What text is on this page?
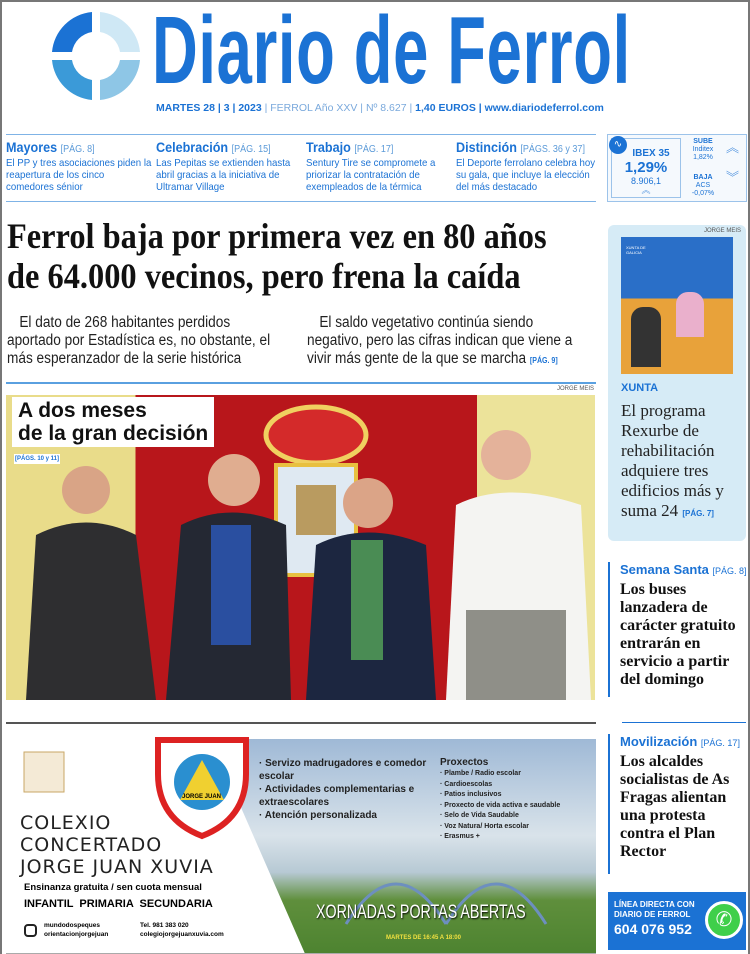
Diario de Ferrol
MARTES 28 | 3 | 2023 | FERROL Año XXV | Nº 8.627 | 1,40 EUROS | www.diariodeferrol.com
Mayores [PÁG. 8]
El PP y tres asociaciones piden la reapertura de los cinco comedores sénior
Celebración [PÁG. 15]
Las Pepitas se extienden hasta abril gracias a la iniciativa de Ultramar Village
Trabajo [PÁG. 17]
Sentury Tire se compromete a priorizar la contratación de exempleados de la térmica
Distinción [PÁGS. 36 y 37]
El Deporte ferrolano celebra hoy su gala, que incluye la elección del más destacado
∿
IBEX 35
1,29%
8.906,1
︽
SUBE
Inditex
1,82%
BAJA
ACS
-0,07%
︽
︾
Ferrol baja por primera vez en 80 años
de 64.000 vecinos, pero frena la caída
El dato de 268 habitantes perdidos aportado por Estadística es, no obstante, el más esperanzador de la serie histórica
El saldo vegetativo continúa siendo negativo, pero las cifras indican que viene a vivir más gente de la que se marcha [PÁG. 9]
JORGE MEIS
A dos meses
de la gran decisión
[PÁGS. 10 y 11]
JORGE JUAN
COLEXIO
CONCERTADO
JORGE JUAN XUVIA
Ensinanza gratuita / sen cuota mensual
INFANTIL  PRIMARIA  SECUNDARIA
mundodospeques
orientacionjorgejuan
Tel. 981 383 020
colegiojorgejuanxuvia.com
· Servizo madrugadores e comedor escolar
· Actividades complementarias e extraescolares
· Atención personalizada
Proxectos
· Plambe / Radio escolar
· Cardioescolas
· Patios inclusivos
· Proxecto de vida activa e saudable
· Selo de Vida Saudable
· Voz Natura/ Horta escolar
· Erasmus +
XORNADAS PORTAS ABERTAS
MARTES DE 16:45 A 18:00
JORGE MEIS
XUNTA DE GALICIA
XUNTA
El programa Rexurbe de rehabilitación adquiere tres edificios más y suma 24 [PÁG. 7]
Semana Santa [PÁG. 8]
Los buses lanzadera de carácter gratuito entrarán en servicio a partir del domingo
Movilización [PÁG. 17]
Los alcaldes socialistas de As Fragas alientan una protesta contra el Plan Rector
LÍNEA DIRECTA CON
DIARIO DE FERROL
604 076 952	✆
